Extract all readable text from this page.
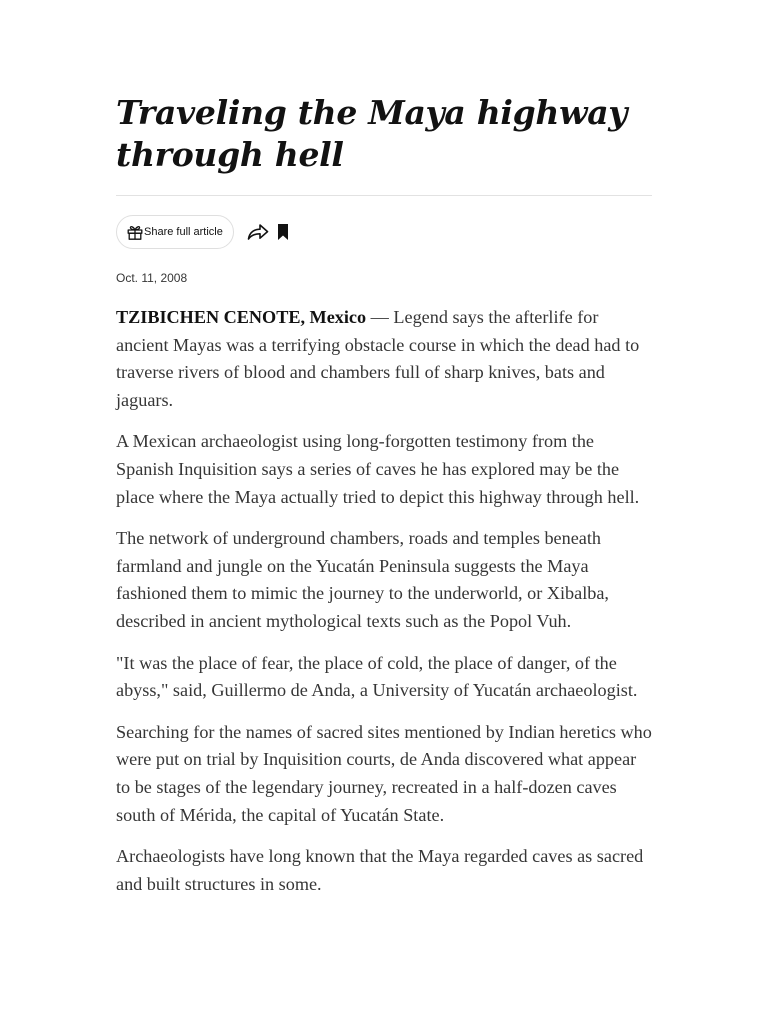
Traveling the Maya highway through hell
Share full article
Oct. 11, 2008

TZIBICHEN CENOTE, Mexico — Legend says the afterlife for ancient Mayas was a terrifying obstacle course in which the dead had to traverse rivers of blood and chambers full of sharp knives, bats and jaguars.

A Mexican archaeologist using long-forgotten testimony from the Spanish Inquisition says a series of caves he has explored may be the place where the Maya actually tried to depict this highway through hell.

The network of underground chambers, roads and temples beneath farmland and jungle on the Yucatán Peninsula suggests the Maya fashioned them to mimic the journey to the underworld, or Xibalba, described in ancient mythological texts such as the Popol Vuh.

"It was the place of fear, the place of cold, the place of danger, of the abyss," said, Guillermo de Anda, a University of Yucatán archaeologist.

Searching for the names of sacred sites mentioned by Indian heretics who were put on trial by Inquisition courts, de Anda discovered what appear to be stages of the legendary journey, recreated in a half-dozen caves south of Mérida, the capital of Yucatán State.

Archaeologists have long known that the Maya regarded caves as sacred and built structures in some.
